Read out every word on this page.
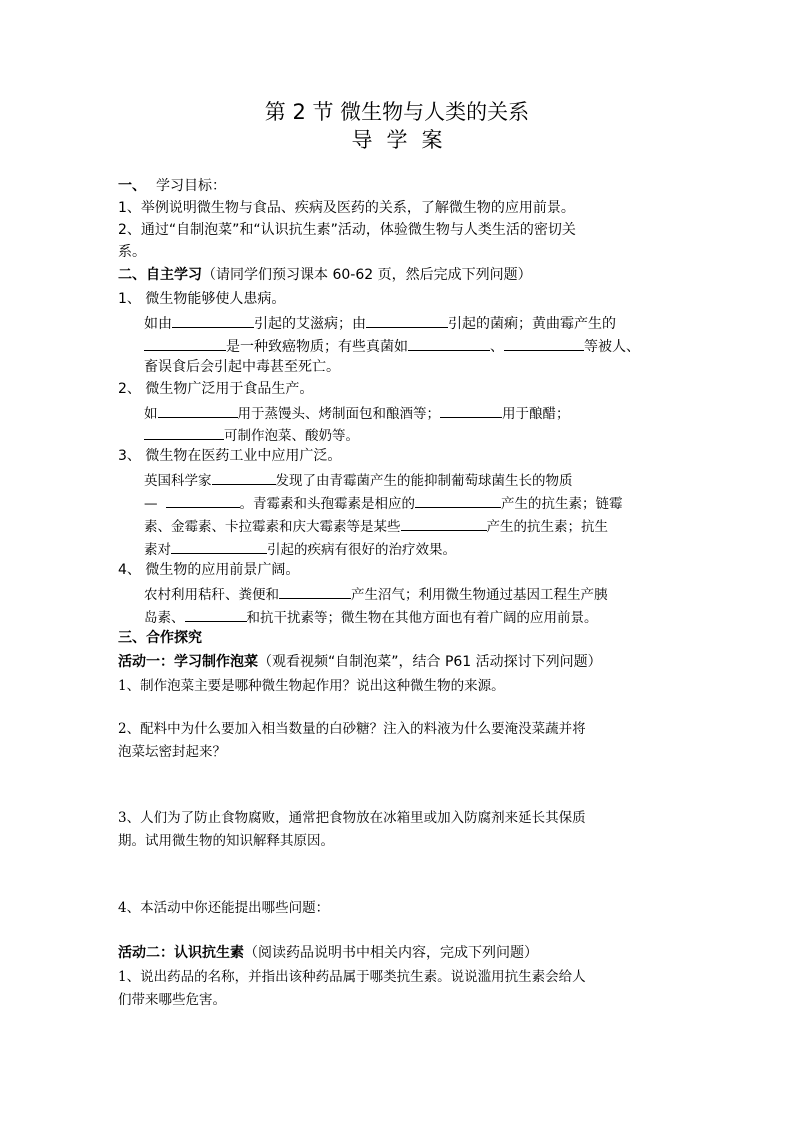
第 2 节 微生物与人类的关系
导学案
一、 学习目标：
1、举例说明微生物与食品、疾病及医药的关系，了解微生物的应用前景。
2、通过“自制泡菜”和“认识抗生素”活动，体验微生物与人类生活的密切关
系。
二、自主学习（请同学们预习课本 60-62 页，然后完成下列问题）
1、 微生物能够使人患病。
如由	引起的艾滋病；由	引起的菌痢；黄曲霉产生的
是一种致癌物质；有些真菌如	、	等被人、
畜误食后会引起中毒甚至死亡。
2、 微生物广泛用于食品生产。
如	用于蒸馒头、烤制面包和酿酒等；	用于酿醋；
可制作泡菜、酸奶等。
3、 微生物在医药工业中应用广泛。
英国科学家	发现了由青霉菌产生的能抑制葡萄球菌生长的物质
—	。青霉素和头孢霉素是相应的	产生的抗生素；链霉
素、金霉素、卡拉霉素和庆大霉素等是某些	产生的抗生素；抗生
素对	引起的疾病有很好的治疗效果。
4、 微生物的应用前景广阔。
农村利用秸秆、粪便和	产生沼气；利用微生物通过基因工程生产胰
岛素、	和抗干扰素等；微生物在其他方面也有着广阔的应用前景。
三、合作探究
活动一：学习制作泡菜（观看视频“自制泡菜”，结合 P61 活动探讨下列问题）
1、制作泡菜主要是哪种微生物起作用？说出这种微生物的来源。
2、配料中为什么要加入相当数量的白砂糖？注入的料液为什么要淹没菜蔬并将
泡菜坛密封起来？
3、人们为了防止食物腐败，通常把食物放在冰箱里或加入防腐剂来延长其保质
期。试用微生物的知识解释其原因。
4、本活动中你还能提出哪些问题：
活动二：认识抗生素（阅读药品说明书中相关内容，完成下列问题）
1、说出药品的名称，并指出该种药品属于哪类抗生素。说说滥用抗生素会给人
们带来哪些危害。
